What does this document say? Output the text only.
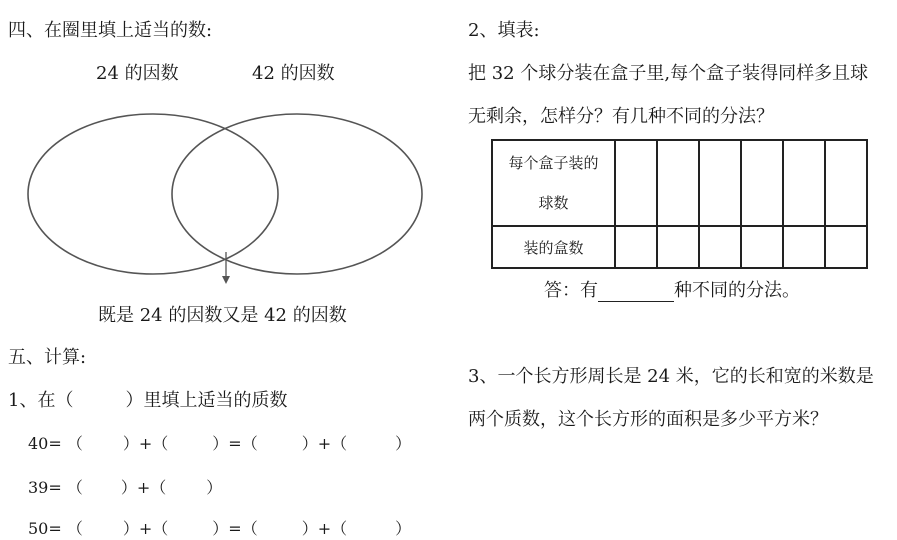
四、在圈里填上适当的数:
24 的因数	42 的因数
既是 24 的因数又是 42 的因数
五、计算:
1、在（	）里填上适当的质数
40= （	）+（	）=（	）+（	）
39= （ ）+（	）
50= （	）+（	）=（	）+（	）
2、填表:
把 32 个球分装在盒子里,每个盒子装得同样多且球
无剩余，怎样分？有几种不同的分法？
每个盒子装的
球数						

装的盒数						
答：有	种不同的分法。
3、一个长方形周长是 24 米，它的长和宽的米数是
两个质数，这个长方形的面积是多少平方米？
